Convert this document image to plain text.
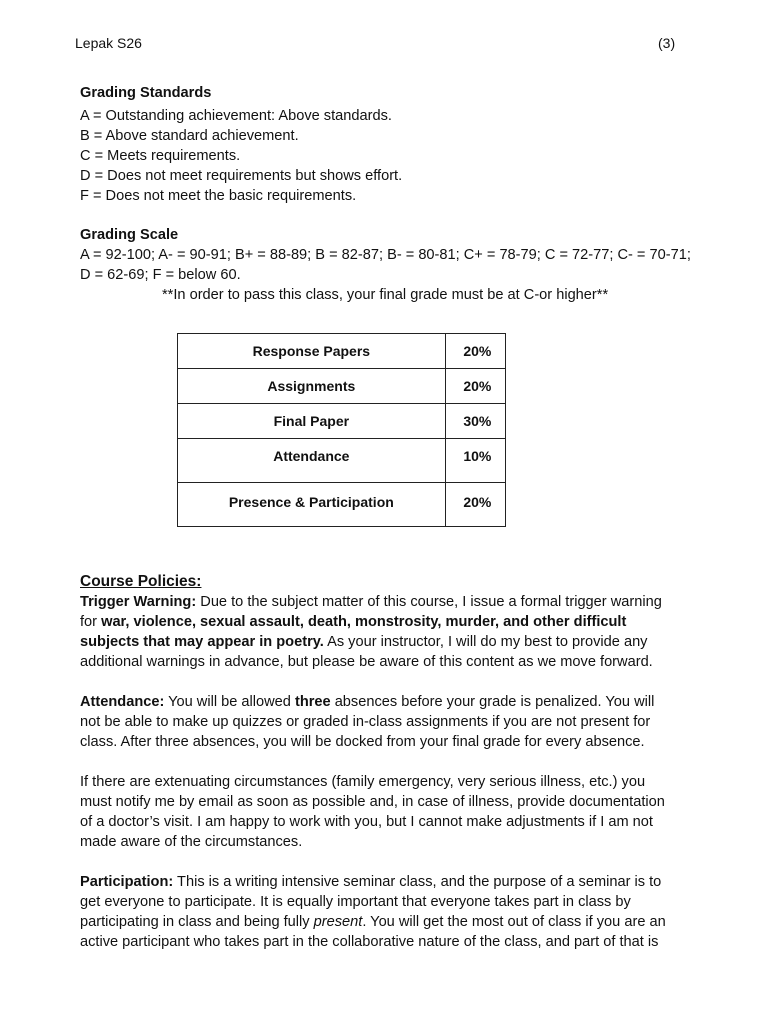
Lepak S26	(3)
Grading Standards
A = Outstanding achievement: Above standards.
B = Above standard achievement.
C = Meets requirements.
D = Does not meet requirements but shows effort.
F = Does not meet the basic requirements.
Grading Scale
A = 92-100; A- = 90-91; B+ = 88-89; B = 82-87; B- = 80-81; C+ = 78-79; C = 72-77; C- = 70-71;
D = 62-69; F = below 60.
**In order to pass this class, your final grade must be at C-or higher**
Response Papers	20%
Assignments	20%
Final Paper	30%
Attendance	10%
Presence & Participation	20%
Course Policies:
Trigger Warning: Due to the subject matter of this course, I issue a formal trigger warning
for war, violence, sexual assault, death, monstrosity, murder, and other difficult
subjects that may appear in poetry. As your instructor, I will do my best to provide any
additional warnings in advance, but please be aware of this content as we move forward.
Attendance: You will be allowed three absences before your grade is penalized. You will
not be able to make up quizzes or graded in-class assignments if you are not present for
class. After three absences, you will be docked from your final grade for every absence.
If there are extenuating circumstances (family emergency, very serious illness, etc.) you
must notify me by email as soon as possible and, in case of illness, provide documentation
of a doctor’s visit. I am happy to work with you, but I cannot make adjustments if I am not
made aware of the circumstances.
Participation: This is a writing intensive seminar class, and the purpose of a seminar is to
get everyone to participate. It is equally important that everyone takes part in class by
participating in class and being fully present. You will get the most out of class if you are an
active participant who takes part in the collaborative nature of the class, and part of that is
